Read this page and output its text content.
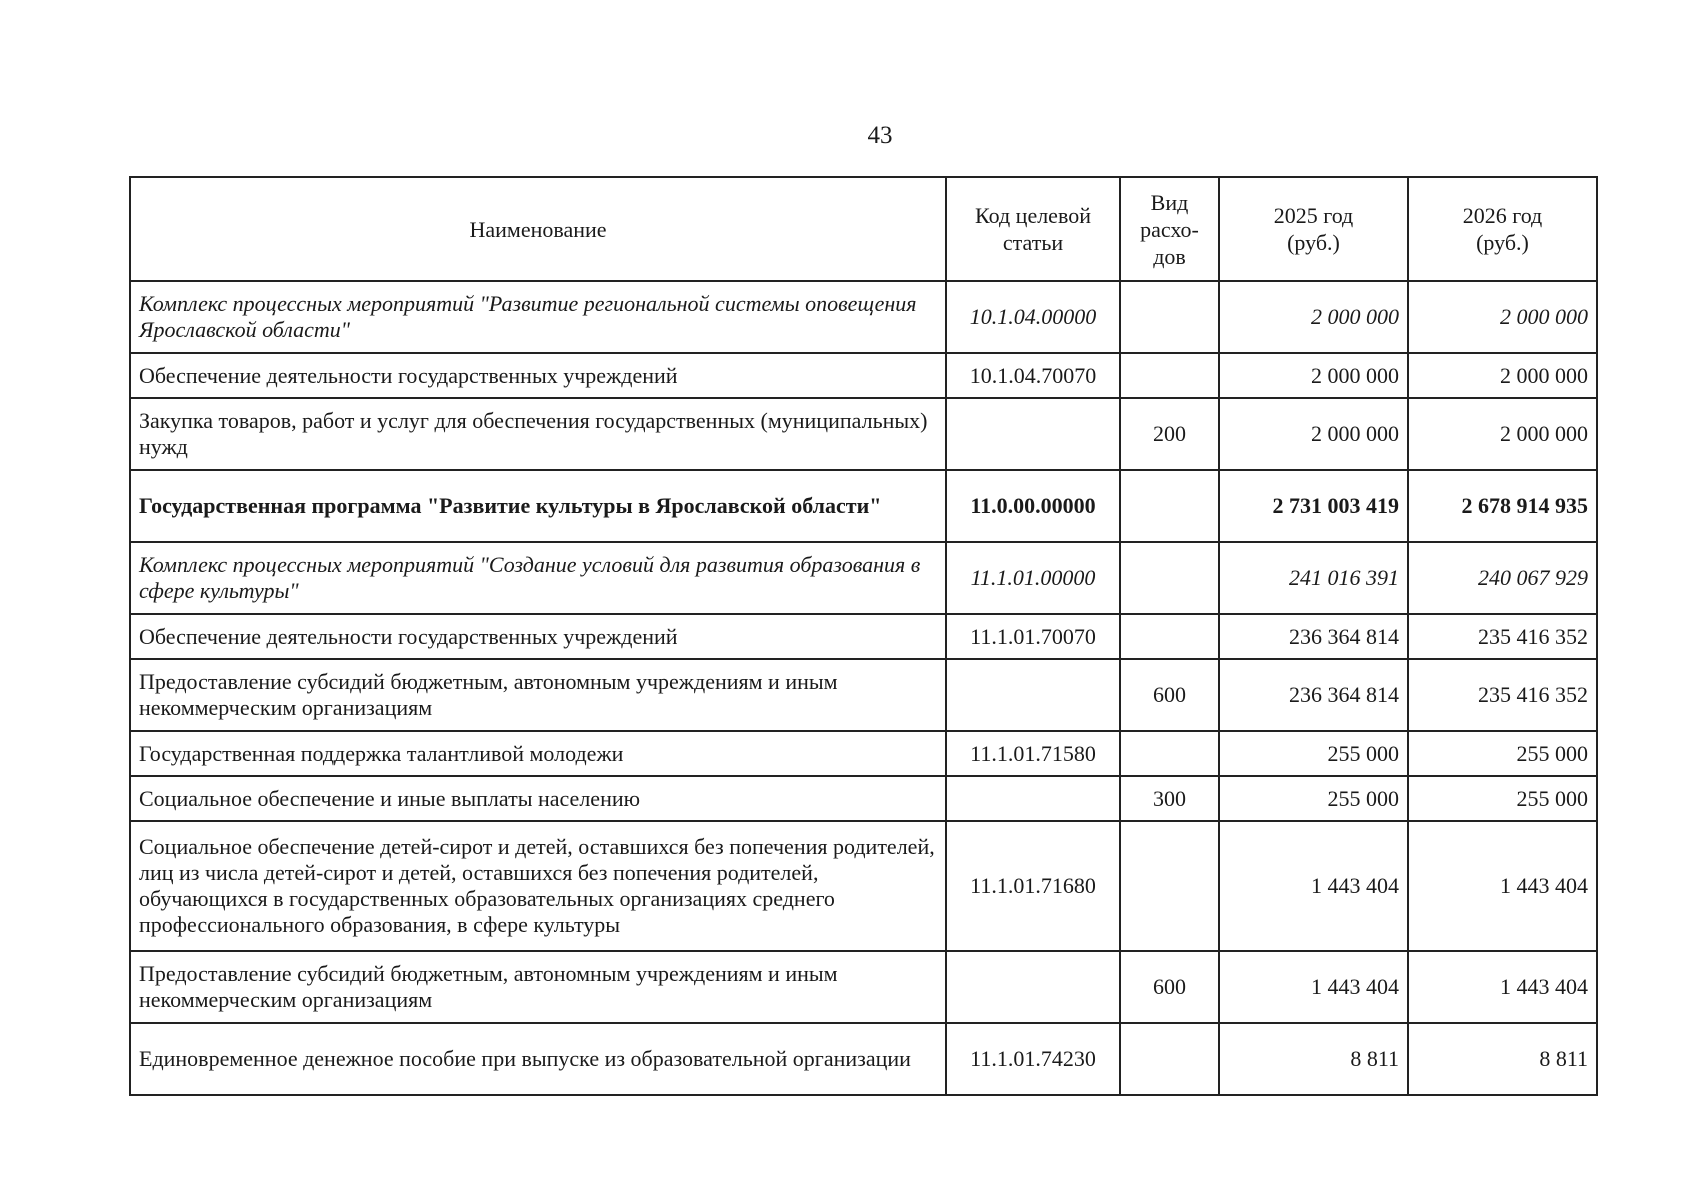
43
Наименование	Код целевой статьи	Вид расхо-дов	2025 год (руб.)	2026 год (руб.)
Комплекс процессных мероприятий "Развитие региональной системы оповещения Ярославской области"	10.1.04.00000		2 000 000	2 000 000
Обеспечение деятельности государственных учреждений	10.1.04.70070		2 000 000	2 000 000
Закупка товаров, работ и услуг для обеспечения государственных (муниципальных) нужд		200	2 000 000	2 000 000
Государственная программа "Развитие культуры в Ярославской области"	11.0.00.00000		2 731 003 419	2 678 914 935
Комплекс процессных мероприятий "Создание условий для развития образования в сфере культуры"	11.1.01.00000		241 016 391	240 067 929
Обеспечение деятельности государственных учреждений	11.1.01.70070		236 364 814	235 416 352
Предоставление субсидий бюджетным, автономным учреждениям и иным некоммерческим организациям		600	236 364 814	235 416 352
Государственная поддержка талантливой молодежи	11.1.01.71580		255 000	255 000
Социальное обеспечение и иные выплаты населению		300	255 000	255 000
Социальное обеспечение детей-сирот и детей, оставшихся без попечения родителей, лиц из числа детей-сирот и детей, оставшихся без попечения родителей, обучающихся в государственных образовательных организациях среднего профессионального образования, в сфере культуры	11.1.01.71680		1 443 404	1 443 404
Предоставление субсидий бюджетным, автономным учреждениям и иным некоммерческим организациям		600	1 443 404	1 443 404
Единовременное денежное пособие при выпуске из образовательной организации	11.1.01.74230		8 811	8 811
